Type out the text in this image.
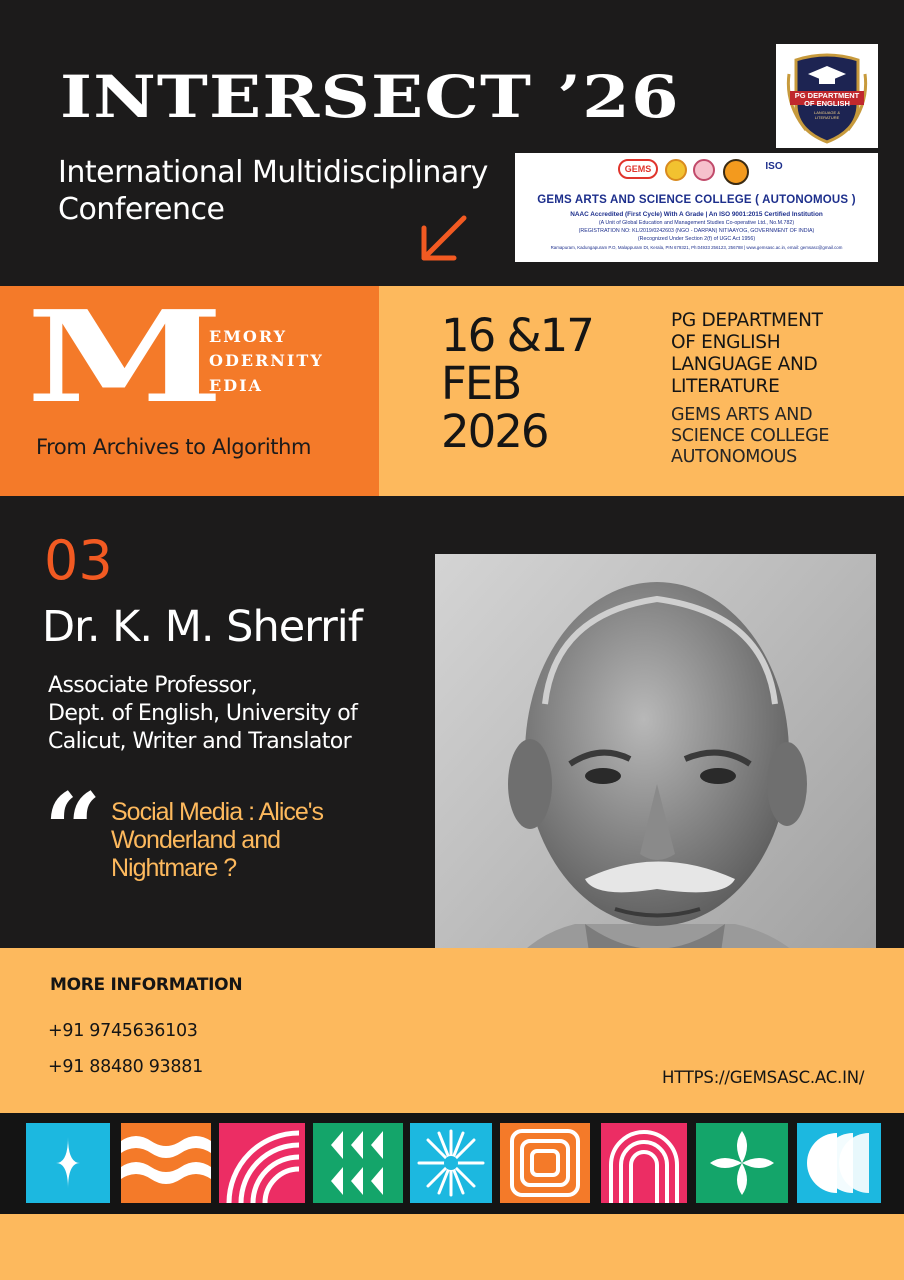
INTERSECT ’26
International Multidisciplinary
Conference
PG DEPARTMENT OF ENGLISH
LANGUAGE & LITERATURE
GEMS	ISO
GEMS ARTS AND SCIENCE COLLEGE ( AUTONOMOUS )
NAAC Accredited (First Cycle) With A Grade | An ISO 9001:2015 Certified Institution
(A Unit of Global Education and Management Studies Co-operative Ltd., No.M.782)
(REGISTRATION NO: KL/2019/0242603 (NGO - DARPAN) NITIAAYOG, GOVERNMENT OF INDIA)
(Recognized Under Section 2(f) of UGC Act 1956)
Ramapuram, Kadungapuram P.O, Malappuram Dt, Kerala, PIN 679321, Ph:04933 256123, 256788 | www.gemsasc.ac.in, email: gemsasc@gmail.com
M
EMORY
ODERNITY
EDIA
From Archives to Algorithm
16 &17
FEB
2026
PG DEPARTMENT
OF ENGLISH
LANGUAGE AND
LITERATURE
GEMS ARTS AND
SCIENCE COLLEGE
AUTONOMOUS
03
Dr. K. M. Sherrif
Associate Professor,
Dept. of English, University of
Calicut, Writer and Translator
“ Social Media : Alice's
Wonderland and
Nightmare ?
MORE INFORMATION
+91 9745636103
+91 88480 93881
HTTPS://GEMSASC.AC.IN/
